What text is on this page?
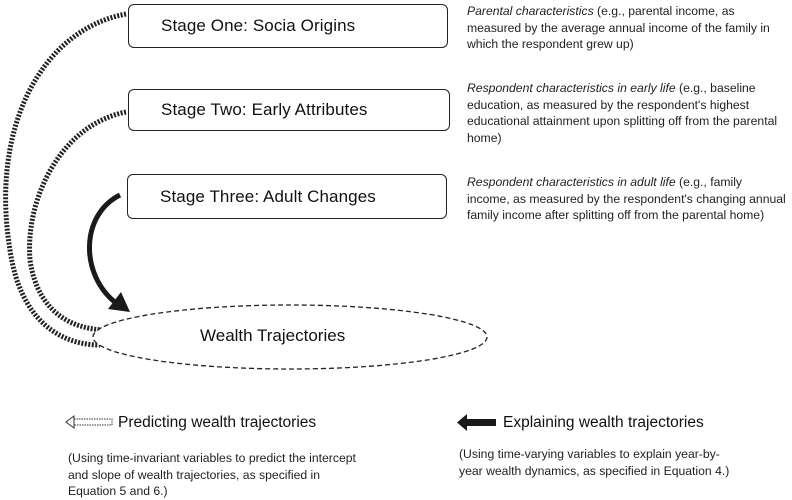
Stage One: Socia Origins
Stage Two: Early Attributes
Stage Three: Adult Changes
Parental characteristics (e.g., parental income, as measured by the average annual income of the family in which the respondent grew up)
Respondent characteristics in early life (e.g., baseline education, as measured by the respondent's highest educational attainment upon splitting off from the parental home)
Respondent characteristics in adult life (e.g., family income, as measured by the respondent's changing annual family income after splitting off from the parental home)
Wealth Trajectories
Predicting wealth trajectories
(Using time-invariant variables to predict the intercept and slope of wealth trajectories, as specified in Equation 5 and 6.)
Explaining wealth trajectories
(Using time-varying variables to explain year-by-year wealth dynamics, as specified in Equation 4.)
